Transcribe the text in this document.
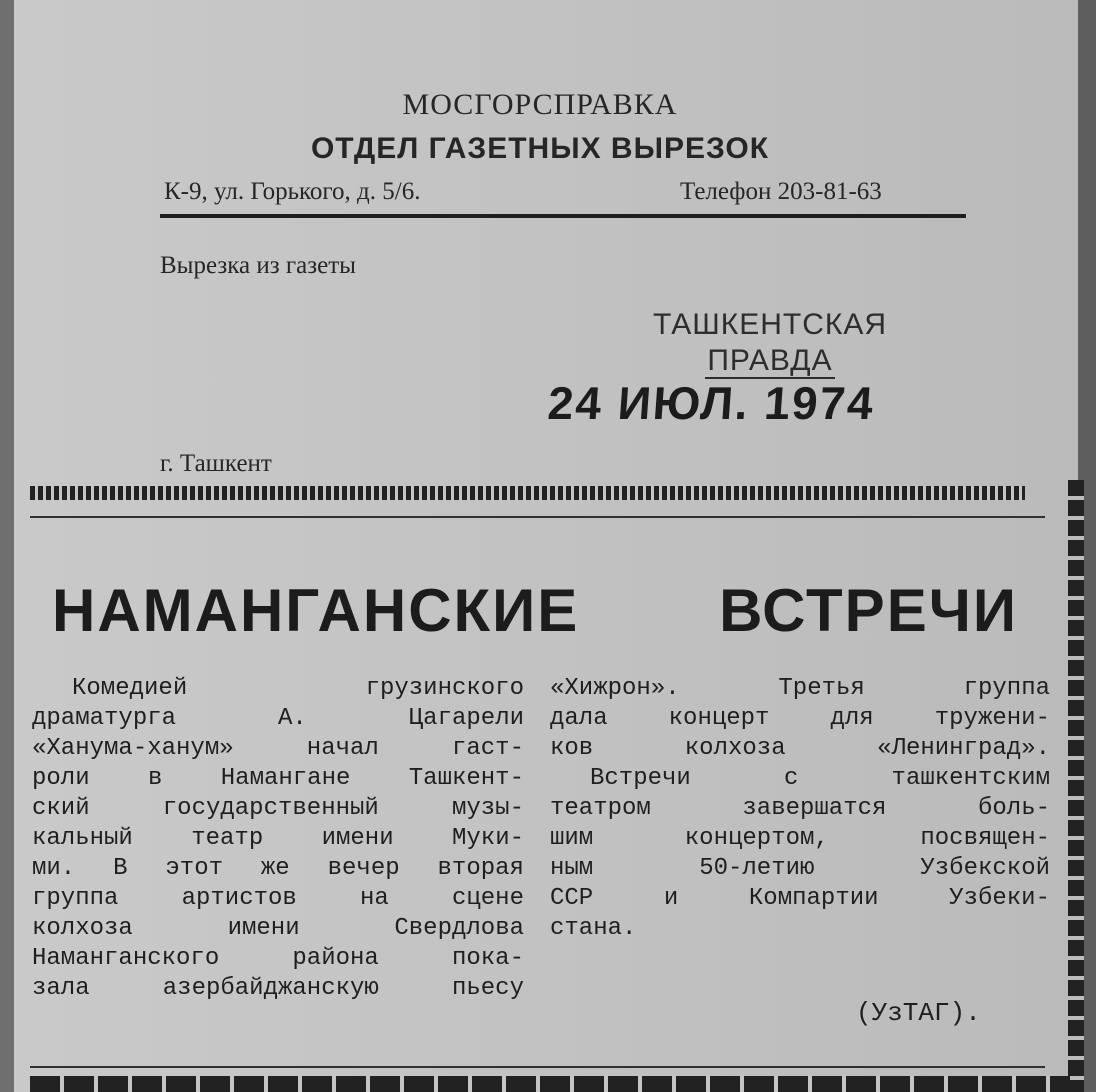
МОСГОРСПРАВКА
ОТДЕЛ ГАЗЕТНЫХ ВЫРЕЗОК
К-9, ул. Горького, д. 5/6.	Телефон 203-81-63
Вырезка из газеты
ТАШКЕНТСКАЯ
ПРАВДА
24 ИЮЛ. 1974
г. Ташкент
НАМАНГАНСКИЕ ВСТРЕЧИ
Комедией	грузинского
драматурга	А.	Цагарели
«Ханума-ханум»	начал	гаст-
роли в Намангане Ташкент-
ский	государственный	музы-
кальный театр имени Муки-
ми. В этот же вечер вторая
группа	артистов	на	сцене
колхоза	имени	Свердлова
Наманганского	района	пока-
зала	азербайджанскую	пьесу
«Хижрон».	Третья	группа
дала	концерт	для	тружени-
ков	колхоза	«Ленинград».
Встречи	с	ташкентским
театром	завершатся	боль-
шим	концертом,	посвящен-
ным	50-летию	Узбекской
ССР	и	Компартии	Узбеки-
стана.
(УзТАГ).
